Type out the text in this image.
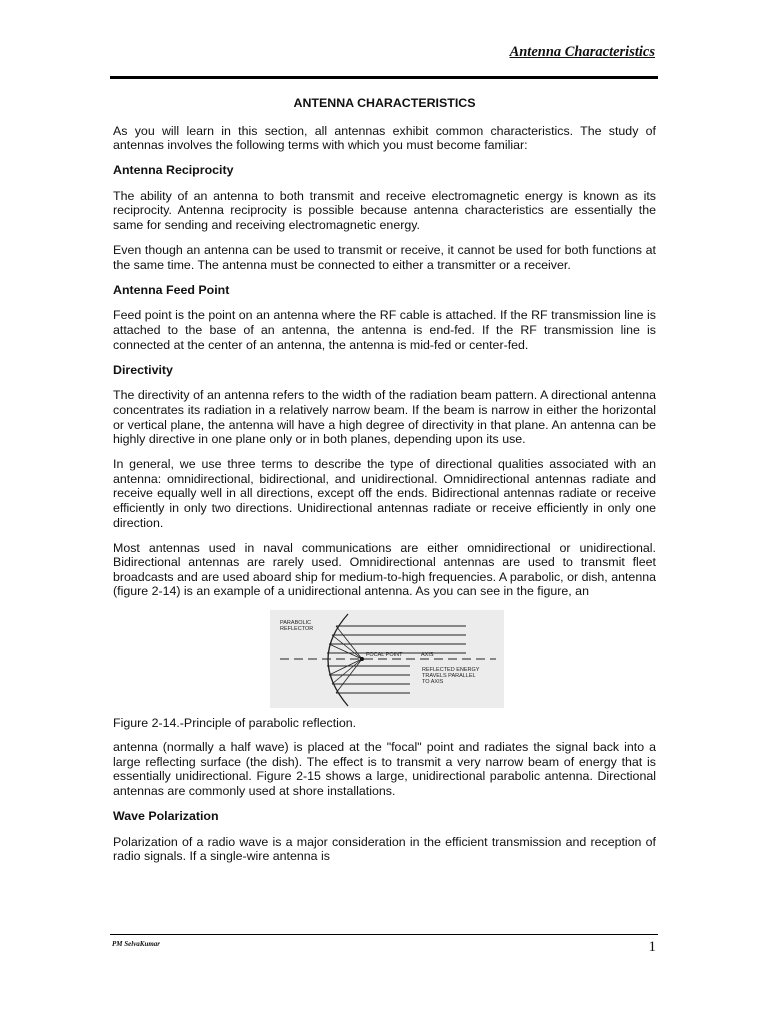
Antenna Characteristics
ANTENNA CHARACTERISTICS

As you will learn in this section, all antennas exhibit common characteristics. The study of antennas involves the following terms with which you must become familiar:

Antenna Reciprocity

The ability of an antenna to both transmit and receive electromagnetic energy is known as its reciprocity. Antenna reciprocity is possible because antenna characteristics are essentially the same for sending and receiving electromagnetic energy.

Even though an antenna can be used to transmit or receive, it cannot be used for both functions at the same time. The antenna must be connected to either a transmitter or a receiver.

Antenna Feed Point

Feed point is the point on an antenna where the RF cable is attached. If the RF transmission line is attached to the base of an antenna, the antenna is end-fed. If the RF transmission line is connected at the center of an antenna, the antenna is mid-fed or center-fed.

Directivity

The directivity of an antenna refers to the width of the radiation beam pattern. A directional antenna concentrates its radiation in a relatively narrow beam. If the beam is narrow in either the horizontal or vertical plane, the antenna will have a high degree of directivity in that plane. An antenna can be highly directive in one plane only or in both planes, depending upon its use.

In general, we use three terms to describe the type of directional qualities associated with an antenna: omnidirectional, bidirectional, and unidirectional. Omnidirectional antennas radiate and receive equally well in all directions, except off the ends. Bidirectional antennas radiate or receive efficiently in only two directions. Unidirectional antennas radiate or receive efficiently in only one direction.

Most antennas used in naval communications are either omnidirectional or unidirectional. Bidirectional antennas are rarely used. Omnidirectional antennas are used to transmit fleet broadcasts and are used aboard ship for medium-to-high frequencies. A parabolic, or dish, antenna (figure 2-14) is an example of a unidirectional antenna. As you can see in the figure, an

PARABOLIC
REFLECTOR
FOCAL POINT	AXIS
REFLECTED ENERGY
TRAVELS PARALLEL
TO AXIS
Figure 2-14.-Principle of parabolic reflection.

antenna (normally a half wave) is placed at the "focal" point and radiates the signal back into a large reflecting surface (the dish). The effect is to transmit a very narrow beam of energy that is essentially unidirectional. Figure 2-15 shows a large, unidirectional parabolic antenna. Directional antennas are commonly used at shore installations.

Wave Polarization

Polarization of a radio wave is a major consideration in the efficient transmission and reception of radio signals. If a single-wire antenna is

PM SelvaKumar	1
